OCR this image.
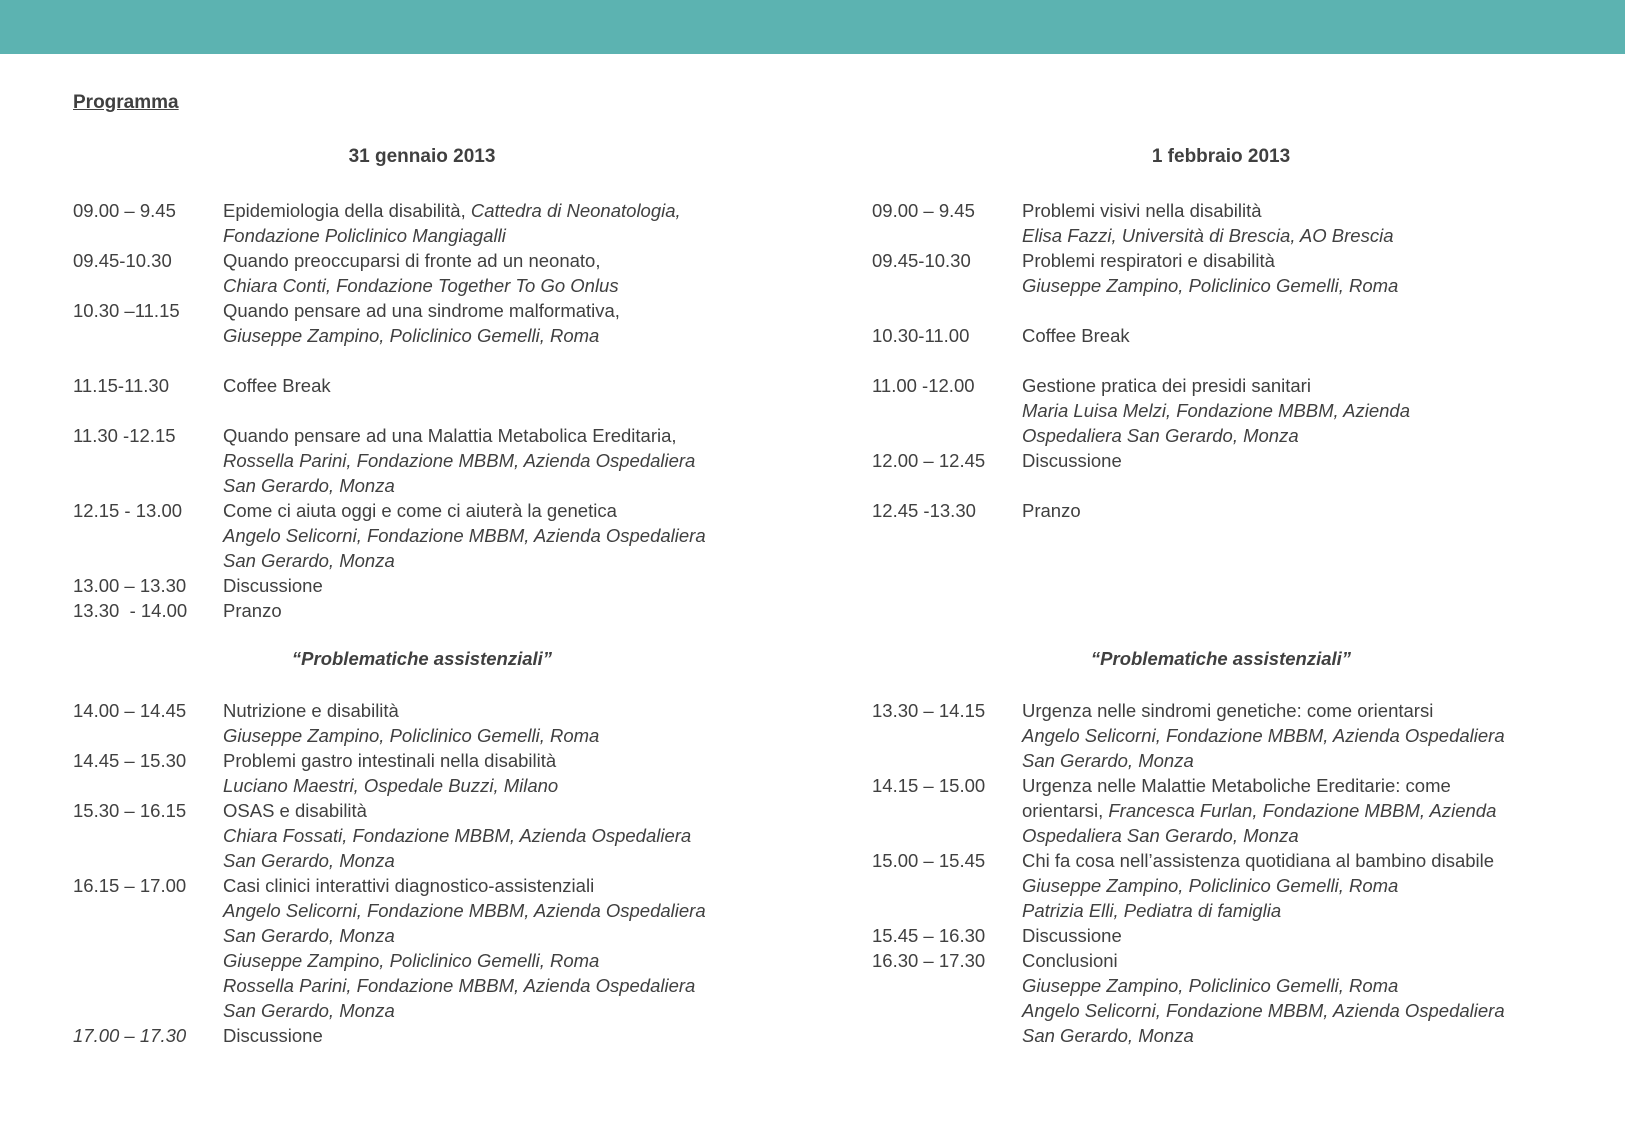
Programma
31 gennaio 2013
09.00 – 9.45	Epidemiologia della disabilità, Cattedra di Neonatologia,
Fondazione Policlinico Mangiagalli
09.45-10.30	Quando preoccuparsi di fronte ad un neonato,
Chiara Conti, Fondazione Together To Go Onlus
10.30 –11.15	Quando pensare ad una sindrome malformativa,
Giuseppe Zampino, Policlinico Gemelli, Roma
11.15-11.30	Coffee Break
11.30 -12.15	Quando pensare ad una Malattia Metabolica Ereditaria,
Rossella Parini, Fondazione MBBM, Azienda Ospedaliera
San Gerardo, Monza
12.15 - 13.00	Come ci aiuta oggi e come ci aiuterà la genetica
Angelo Selicorni, Fondazione MBBM, Azienda Ospedaliera
San Gerardo, Monza
13.00 – 13.30	Discussione
13.30  - 14.00	Pranzo
“Problematiche assistenziali”
14.00 – 14.45	Nutrizione e disabilità
Giuseppe Zampino, Policlinico Gemelli, Roma
14.45 – 15.30	Problemi gastro intestinali nella disabilità
Luciano Maestri, Ospedale Buzzi, Milano
15.30 – 16.15	OSAS e disabilità
Chiara Fossati, Fondazione MBBM, Azienda Ospedaliera
San Gerardo, Monza
16.15 – 17.00	Casi clinici interattivi diagnostico-assistenziali
Angelo Selicorni, Fondazione MBBM, Azienda Ospedaliera
San Gerardo, Monza
Giuseppe Zampino, Policlinico Gemelli, Roma
Rossella Parini, Fondazione MBBM, Azienda Ospedaliera
San Gerardo, Monza
17.00 – 17.30	Discussione
1 febbraio 2013
09.00 – 9.45	Problemi visivi nella disabilità
Elisa Fazzi, Università di Brescia, AO Brescia
09.45-10.30	Problemi respiratori e disabilità
Giuseppe Zampino, Policlinico Gemelli, Roma
10.30-11.00	Coffee Break
11.00 -12.00	Gestione pratica dei presidi sanitari
Maria Luisa Melzi, Fondazione MBBM, Azienda
Ospedaliera San Gerardo, Monza
12.00 – 12.45	Discussione
12.45 -13.30	Pranzo
“Problematiche assistenziali”
13.30 – 14.15	Urgenza nelle sindromi genetiche: come orientarsi
Angelo Selicorni, Fondazione MBBM, Azienda Ospedaliera
San Gerardo, Monza
14.15 – 15.00	Urgenza nelle Malattie Metaboliche Ereditarie: come
orientarsi, Francesca Furlan, Fondazione MBBM, Azienda
Ospedaliera San Gerardo, Monza
15.00 – 15.45	Chi fa cosa nell’assistenza quotidiana al bambino disabile
Giuseppe Zampino, Policlinico Gemelli, Roma
Patrizia Elli, Pediatra di famiglia
15.45 – 16.30	Discussione
16.30 – 17.30	Conclusioni
Giuseppe Zampino, Policlinico Gemelli, Roma
Angelo Selicorni, Fondazione MBBM, Azienda Ospedaliera
San Gerardo, Monza
